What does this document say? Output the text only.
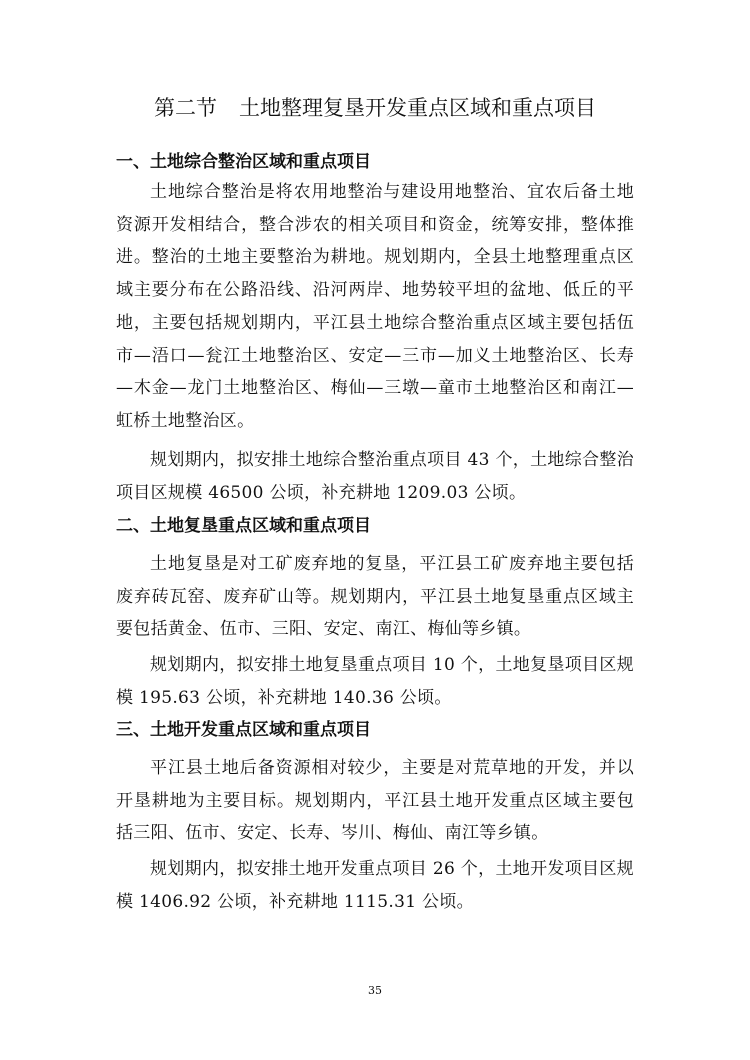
第二节 土地整理复垦开发重点区域和重点项目
一、土地综合整治区域和重点项目

土地综合整治是将农用地整治与建设用地整治、宜农后备土地资源开发相结合，整合涉农的相关项目和资金，统筹安排，整体推进。整治的土地主要整治为耕地。规划期内，全县土地整理重点区域主要分布在公路沿线、沿河两岸、地势较平坦的盆地、低丘的平地，主要包括规划期内，平江县土地综合整治重点区域主要包括伍市—浯口—瓮江土地整治区、安定—三市—加义土地整治区、长寿—木金—龙门土地整治区、梅仙—三墩—童市土地整治区和南江—虹桥土地整治区。

规划期内，拟安排土地综合整治重点项目 43 个，土地综合整治项目区规模 46500 公顷，补充耕地 1209.03 公顷。

二、土地复垦重点区域和重点项目

土地复垦是对工矿废弃地的复垦，平江县工矿废弃地主要包括废弃砖瓦窑、废弃矿山等。规划期内，平江县土地复垦重点区域主要包括黄金、伍市、三阳、安定、南江、梅仙等乡镇。

规划期内，拟安排土地复垦重点项目 10 个，土地复垦项目区规模 195.63 公顷，补充耕地 140.36 公顷。

三、土地开发重点区域和重点项目

平江县土地后备资源相对较少，主要是对荒草地的开发，并以开垦耕地为主要目标。规划期内，平江县土地开发重点区域主要包括三阳、伍市、安定、长寿、岑川、梅仙、南江等乡镇。

规划期内，拟安排土地开发重点项目 26 个，土地开发项目区规模 1406.92 公顷，补充耕地 1115.31 公顷。

35
